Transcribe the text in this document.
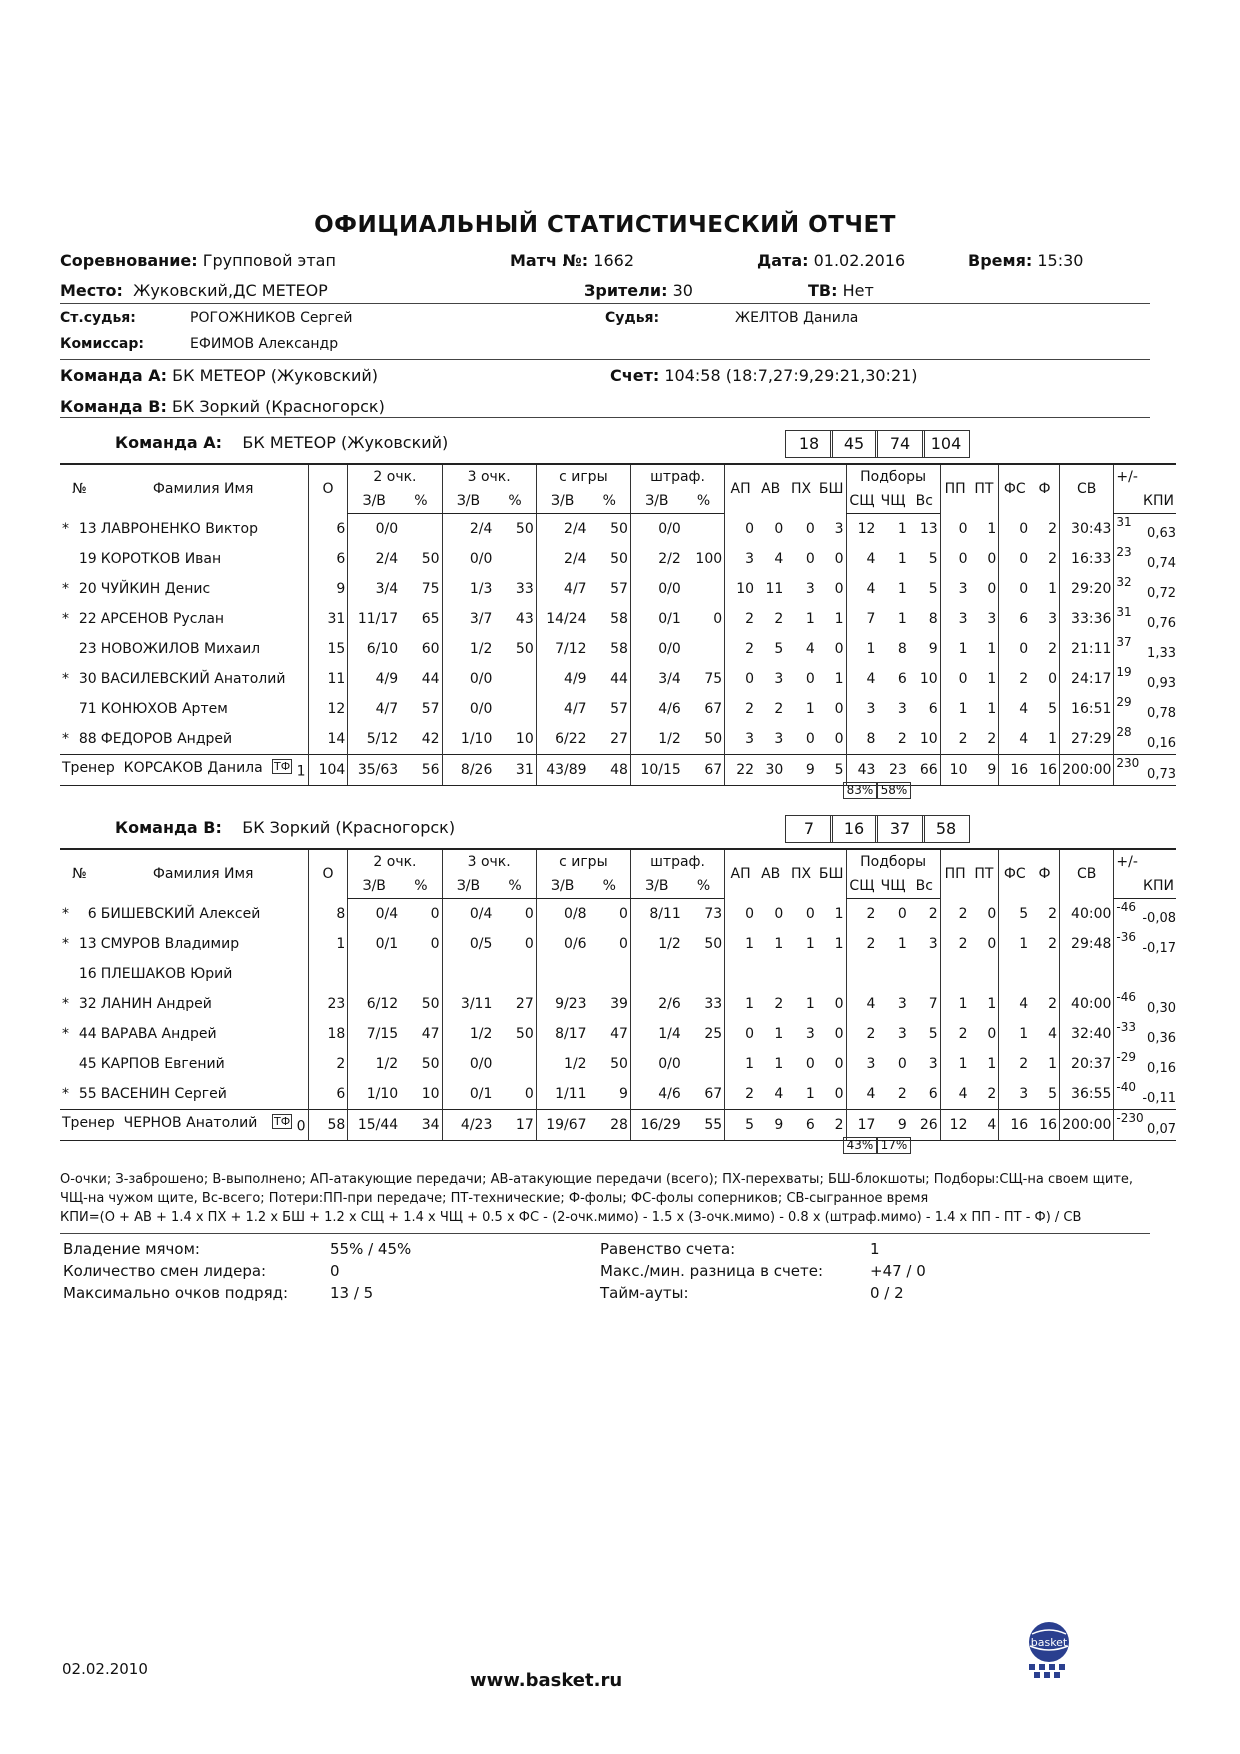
ОФИЦИАЛЬНЫЙ СТАТИСТИЧЕСКИЙ ОТЧЕТ
Соревнование: Групповой этап	Матч №: 1662	Дата: 01.02.2016	Время: 15:30
Место: Жуковский,ДС МЕТЕОР	Зрители: 30	ТВ: Нет
Ст.судья:	РОГОЖНИКОВ Сергей	Судья:	ЖЕЛТОВ Данила
Комиссар:	ЕФИМОВ Александр
Команда А: БК МЕТЕОР (Жуковский)	Счет: 104:58 (18:7,27:9,29:21,30:21)
Команда В: БК Зоркий (Красногорск)
Команда А: БК МЕТЕОР (Жуковский)	18	45	74	104
№	Фамилия Имя	О	2 очк.		3 очк.		с игры		штраф.		АП	АВ	ПХ	БШ	Подборы			ПП	ПТ	ФС	Ф	СВ	+/-
			З/В	%	З/В	%	З/В	%	З/В	%					СЩ	ЧЩ	Вс						КПИ
* 13	ЛАВРОНЕНКО Виктор	6	0/0		2/4	50	2/4	50	0/0		0	0	0	3	12	1	13	0	1	0	2	30:43	31
0,63

19	КОРОТКОВ Иван	6	2/4	50	0/0		2/4	50	2/2	100	3	4	0	0	4	1	5	0	0	0	2	16:33	23
0,74

* 20	ЧУЙКИН Денис	9	3/4	75	1/3	33	4/7	57	0/0		10	11	3	0	4	1	5	3	0	0	1	29:20	32
0,72

* 22	АРСЕНОВ Руслан	31	11/17	65	3/7	43	14/24	58	0/1	0	2	2	1	1	7	1	8	3	3	6	3	33:36	31
0,76

23	НОВОЖИЛОВ Михаил	15	6/10	60	1/2	50	7/12	58	0/0		2	5	4	0	1	8	9	1	1	0	2	21:11	37
1,33

* 30	ВАСИЛЕВСКИЙ Анатолий	11	4/9	44	0/0		4/9	44	3/4	75	0	3	0	1	4	6	10	0	1	2	0	24:17	19
0,93

71	КОНЮХОВ Артем	12	4/7	57	0/0		4/7	57	4/6	67	2	2	1	0	3	3	6	1	1	4	5	16:51	29
0,78

* 88	ФЕДОРОВ Андрей	14	5/12	42	1/10	10	6/22	27	1/2	50	3	3	0	0	8	2	10	2	2	4	1	27:29	28
0,16

Тренер КОРСАКОВ Данила $^{ТФ}$ 1		104	35/63	56	8/26	31	43/89	48	10/15	67	22	30	9	5	43	23	66	10	9	16	16	200:00	230
0,73
83% 58%
Команда В: БК Зоркий (Красногорск)	7	16	37	58
№	Фамилия Имя	О	2 очк.		3 очк.		с игры		штраф.		АП	АВ	ПХ	БШ	Подборы			ПП	ПТ	ФС	Ф	СВ	+/-
			З/В	%	З/В	%	З/В	%	З/В	%					СЩ	ЧЩ	Вс						КПИ
* 6	БИШЕВСКИЙ Алексей	8	0/4	0	0/4	0	0/8	0	8/11	73	0	0	0	1	2	0	2	2	0	5	2	40:00	-46
-0,08

* 13	СМУРОВ Владимир	1	0/1	0	0/5	0	0/6	0	1/2	50	1	1	1	1	2	1	3	2	0	1	2	29:48	-36
-0,17

16	ПЛЕШАКОВ Юрий																						

* 32	ЛАНИН Андрей	23	6/12	50	3/11	27	9/23	39	2/6	33	1	2	1	0	4	3	7	1	1	4	2	40:00	-46
0,30

* 44	ВАРАВА Андрей	18	7/15	47	1/2	50	8/17	47	1/4	25	0	1	3	0	2	3	5	2	0	1	4	32:40	-33
0,36

45	КАРПОВ Евгений	2	1/2	50	0/0		1/2	50	0/0		1	1	0	0	3	0	3	1	1	2	1	20:37	-29
0,16

* 55	ВАСЕНИН Сергей	6	1/10	10	0/1	0	1/11	9	4/6	67	2	4	1	0	4	2	6	4	2	3	5	36:55	-40
-0,11

Тренер ЧЕРНОВ Анатолий $^{ТФ}$ 0		58	15/44	34	4/23	17	19/67	28	16/29	55	5	9	6	2	17	9	26	12	4	16	16	200:00	-230
0,07
43% 17%
О-очки; З-заброшено; В-выполнено; АП-атакующие передачи; АВ-атакующие передачи (всего); ПХ-перехваты; БШ-блокшоты; Подборы:СЩ-на своем щите,
ЧЩ-на чужом щите, Вс-всего; Потери:ПП-при передаче; ПТ-технические; Ф-фолы; ФС-фолы соперников; СВ-сыгранное время
КПИ=(О + АВ + 1.4 x ПХ + 1.2 x БШ + 1.2 x СЩ + 1.4 x ЧЩ + 0.5 x ФС - (2-очк.мимо) - 1.5 x (3-очк.мимо) - 0.8 x (штраф.мимо) - 1.4 x ПП - ПТ - Ф) / СВ
Владение мячом:	55% / 45%
Количество смен лидера:	0
Максимально очков подряд:	13 / 5
Равенство счета:	1
Макс./мин. разница в счете:	+47 / 0
Тайм-ауты:	0 / 2
02.02.2010
www.basket.ru
basket
